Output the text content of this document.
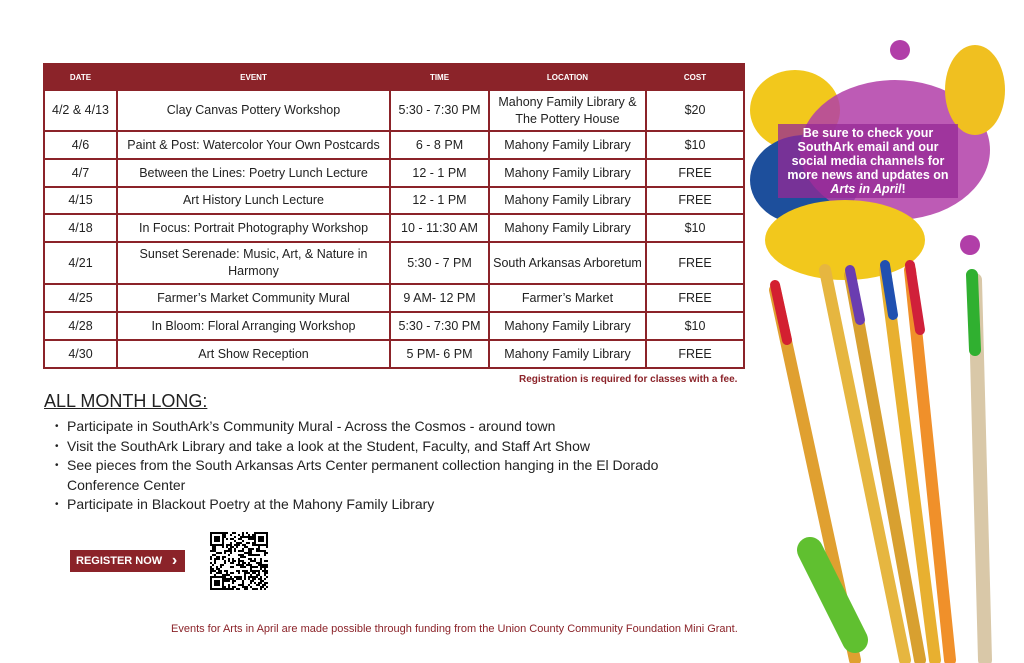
Be sure to check your SouthArk email and our social media channels for more news and updates on Arts in April!
DATE	EVENT	TIME	LOCATION	COST
4/2 & 4/13	Clay Canvas Pottery Workshop	5:30 - 7:30 PM	Mahony Family Library & The Pottery House	$20
4/6	Paint & Post: Watercolor Your Own Postcards	6 - 8 PM	Mahony Family Library	$10
4/7	Between the Lines: Poetry Lunch Lecture	12 - 1 PM	Mahony Family Library	FREE
4/15	Art History Lunch Lecture	12 - 1 PM	Mahony Family Library	FREE
4/18	In Focus: Portrait Photography Workshop	10 - 11:30 AM	Mahony Family Library	$10
4/21	Sunset Serenade: Music, Art, & Nature in Harmony	5:30 - 7 PM	South Arkansas Arboretum	FREE
4/25	Farmer’s Market Community Mural	9 AM- 12 PM	Farmer’s Market	FREE
4/28	In Bloom: Floral Arranging Workshop	5:30 - 7:30 PM	Mahony Family Library	$10
4/30	Art Show Reception	5 PM- 6 PM	Mahony Family Library	FREE
Registration is required for classes with a fee.
ALL MONTH LONG:
• Participate in SouthArk’s Community Mural - Across the Cosmos - around town
• Visit the SouthArk Library and take a look at the Student, Faculty, and Staff Art Show
• See pieces from the South Arkansas Arts Center permanent collection hanging in the El Dorado Conference Center
• Participate in Blackout Poetry at the Mahony Family Library
REGISTER NOW ›
Events for Arts in April are made possible through funding from the Union County Community Foundation Mini Grant.
